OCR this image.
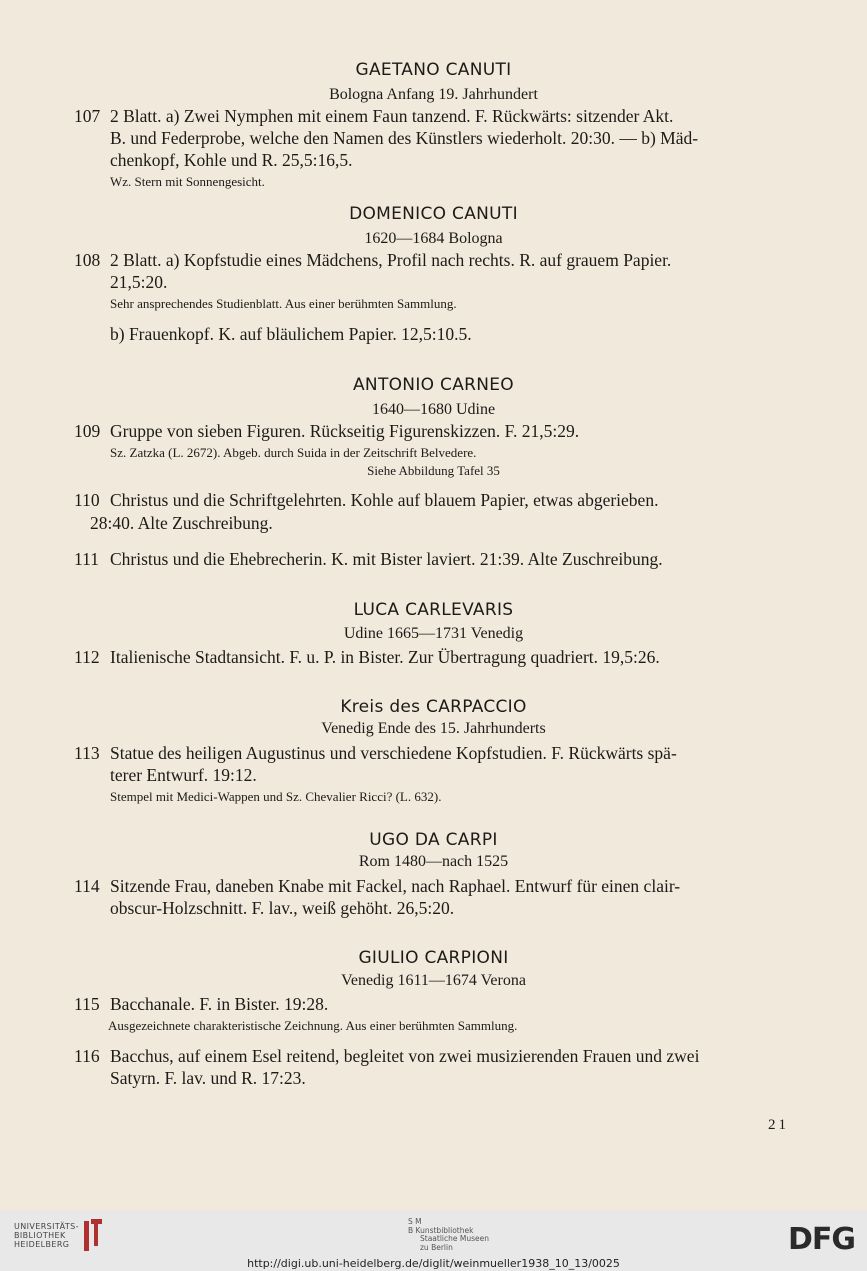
GAETANO CANUTI
Bologna Anfang 19. Jahrhundert
107 2 Blatt. a) Zwei Nymphen mit einem Faun tanzend. F. Rückwärts: sitzender Akt.
B. und Federprobe, welche den Namen des Künstlers wiederholt. 20:30. — b) Mäd-
chenkopf, Kohle und R. 25,5:16,5.
Wz. Stern mit Sonnengesicht.
DOMENICO CANUTI
1620—1684 Bologna
108 2 Blatt. a) Kopfstudie eines Mädchens, Profil nach rechts. R. auf grauem Papier.
21,5:20.
Sehr ansprechendes Studienblatt. Aus einer berühmten Sammlung.
b) Frauenkopf. K. auf bläulichem Papier. 12,5:10.5.
ANTONIO CARNEO
1640—1680 Udine
109 Gruppe von sieben Figuren. Rückseitig Figurenskizzen. F. 21,5:29.
Sz. Zatzka (L. 2672). Abgeb. durch Suida in der Zeitschrift Belvedere.
Siehe Abbildung Tafel 35
110 Christus und die Schriftgelehrten. Kohle auf blauem Papier, etwas abgerieben.
28:40. Alte Zuschreibung.
111 Christus und die Ehebrecherin. K. mit Bister laviert. 21:39. Alte Zuschreibung.
LUCA CARLEVARIS
Udine 1665—1731 Venedig
112 Italienische Stadtansicht. F. u. P. in Bister. Zur Übertragung quadriert. 19,5:26.
Kreis des CARPACCIO
Venedig Ende des 15. Jahrhunderts
113 Statue des heiligen Augustinus und verschiedene Kopfstudien. F. Rückwärts spä-
terer Entwurf. 19:12.
Stempel mit Medici-Wappen und Sz. Chevalier Ricci? (L. 632).
UGO DA CARPI
Rom 1480—nach 1525
114 Sitzende Frau, daneben Knabe mit Fackel, nach Raphael. Entwurf für einen clair-
obscur-Holzschnitt. F. lav., weiß gehöht. 26,5:20.
GIULIO CARPIONI
Venedig 1611—1674 Verona
115 Bacchanale. F. in Bister. 19:28.
Ausgezeichnete charakteristische Zeichnung. Aus einer berühmten Sammlung.
116 Bacchus, auf einem Esel reitend, begleitet von zwei musizierenden Frauen und zwei
Satyrn. F. lav. und R. 17:23.
21
UNIVERSITÄTS-
BIBLIOTHEK
HEIDELBERG
S M
B Kunstbibliothek
Staatliche Museen
zu Berlin	DFG
http://digi.ub.uni-heidelberg.de/diglit/weinmueller1938_10_13/0025
